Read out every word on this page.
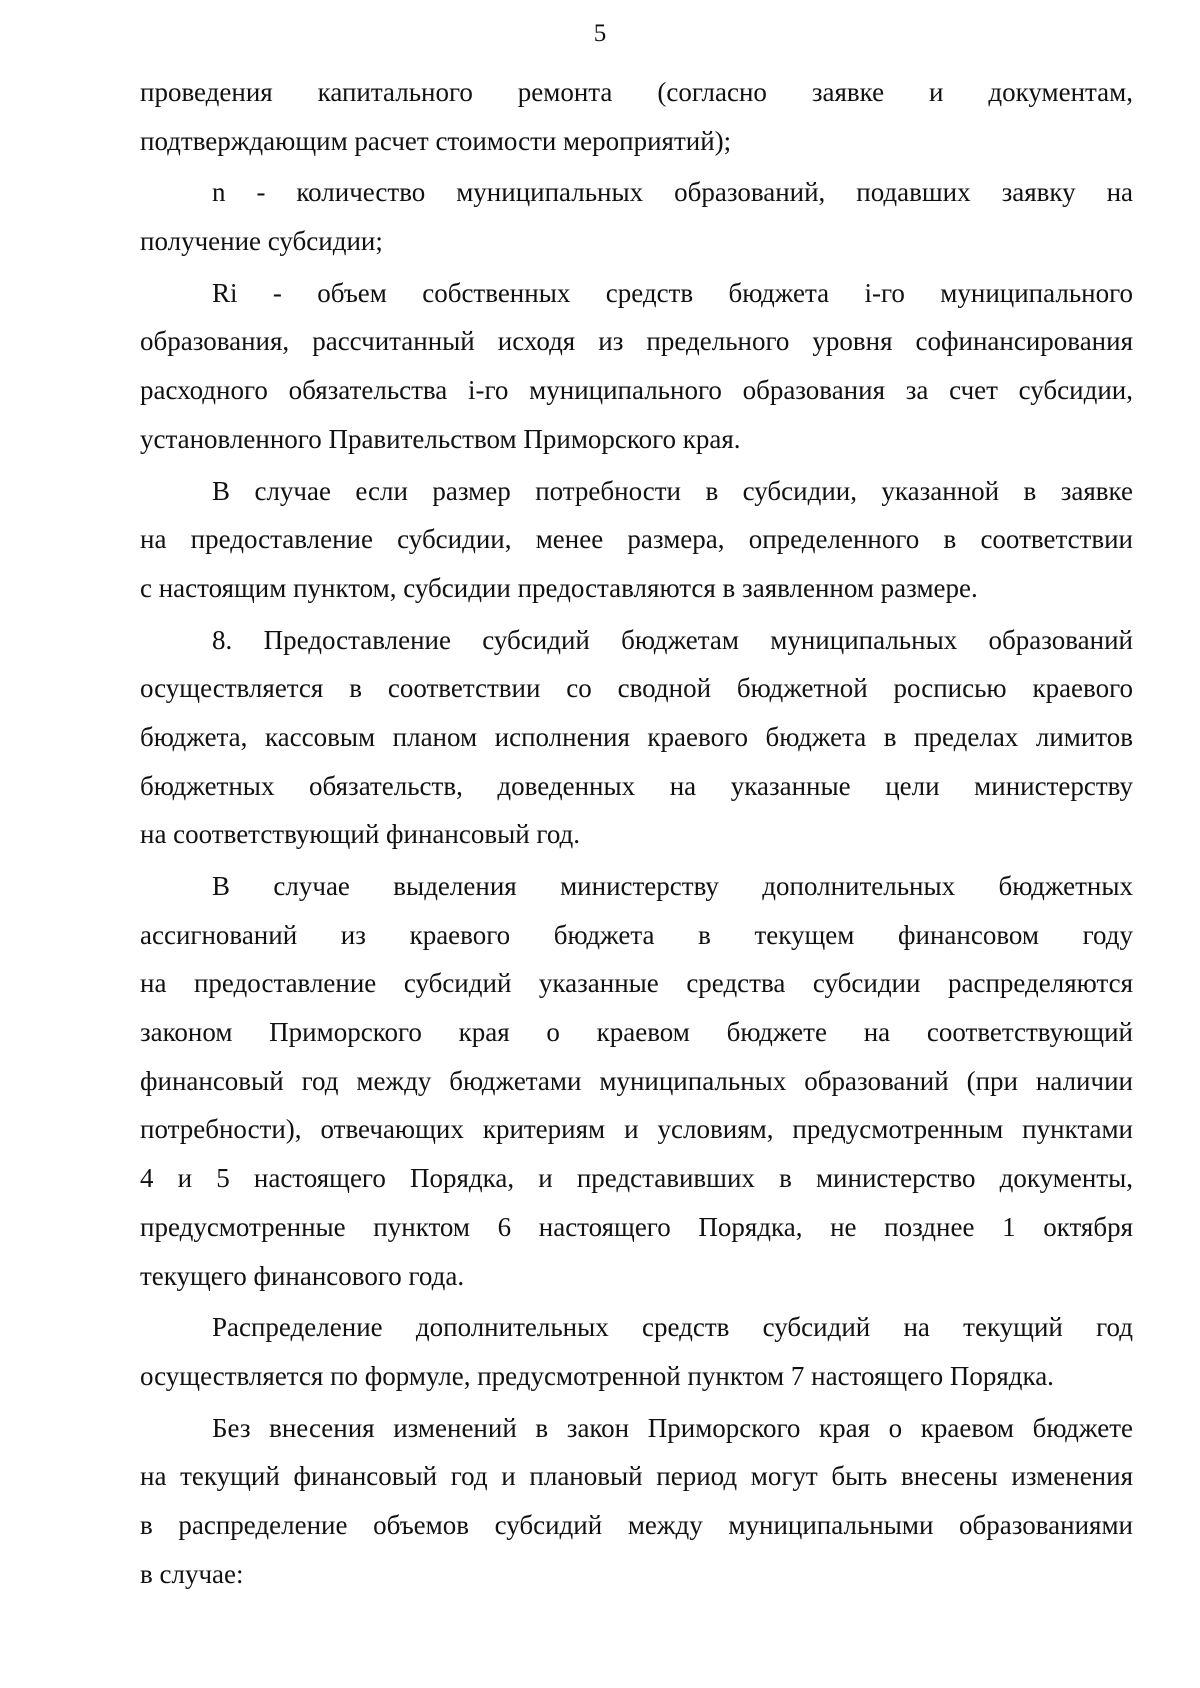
5
проведения капитального ремонта (согласно заявке и документам,
подтверждающим расчет стоимости мероприятий);
n - количество муниципальных образований, подавших заявку на
получение субсидии;
Ri - объем собственных средств бюджета i-го муниципального
образования, рассчитанный исходя из предельного уровня софинансирования
расходного обязательства i-го муниципального образования за счет субсидии,
установленного Правительством Приморского края.
В случае если размер потребности в субсидии, указанной в заявке
на предоставление субсидии, менее размера, определенного в соответствии
с настоящим пунктом, субсидии предоставляются в заявленном размере.
8. Предоставление субсидий бюджетам муниципальных образований
осуществляется в соответствии со сводной бюджетной росписью краевого
бюджета, кассовым планом исполнения краевого бюджета в пределах лимитов
бюджетных обязательств, доведенных на указанные цели министерству
на соответствующий финансовый год.
В случае выделения министерству дополнительных бюджетных
ассигнований из краевого бюджета в текущем финансовом году
на предоставление субсидий указанные средства субсидии распределяются
законом Приморского края о краевом бюджете на соответствующий
финансовый год между бюджетами муниципальных образований (при наличии
потребности), отвечающих критериям и условиям, предусмотренным пунктами
4 и 5 настоящего Порядка, и представивших в министерство документы,
предусмотренные пунктом 6 настоящего Порядка, не позднее 1 октября
текущего финансового года.
Распределение дополнительных средств субсидий на текущий год
осуществляется по формуле, предусмотренной пунктом 7 настоящего Порядка.
Без внесения изменений в закон Приморского края о краевом бюджете
на текущий финансовый год и плановый период могут быть внесены изменения
в распределение объемов субсидий между муниципальными образованиями
в случае:
